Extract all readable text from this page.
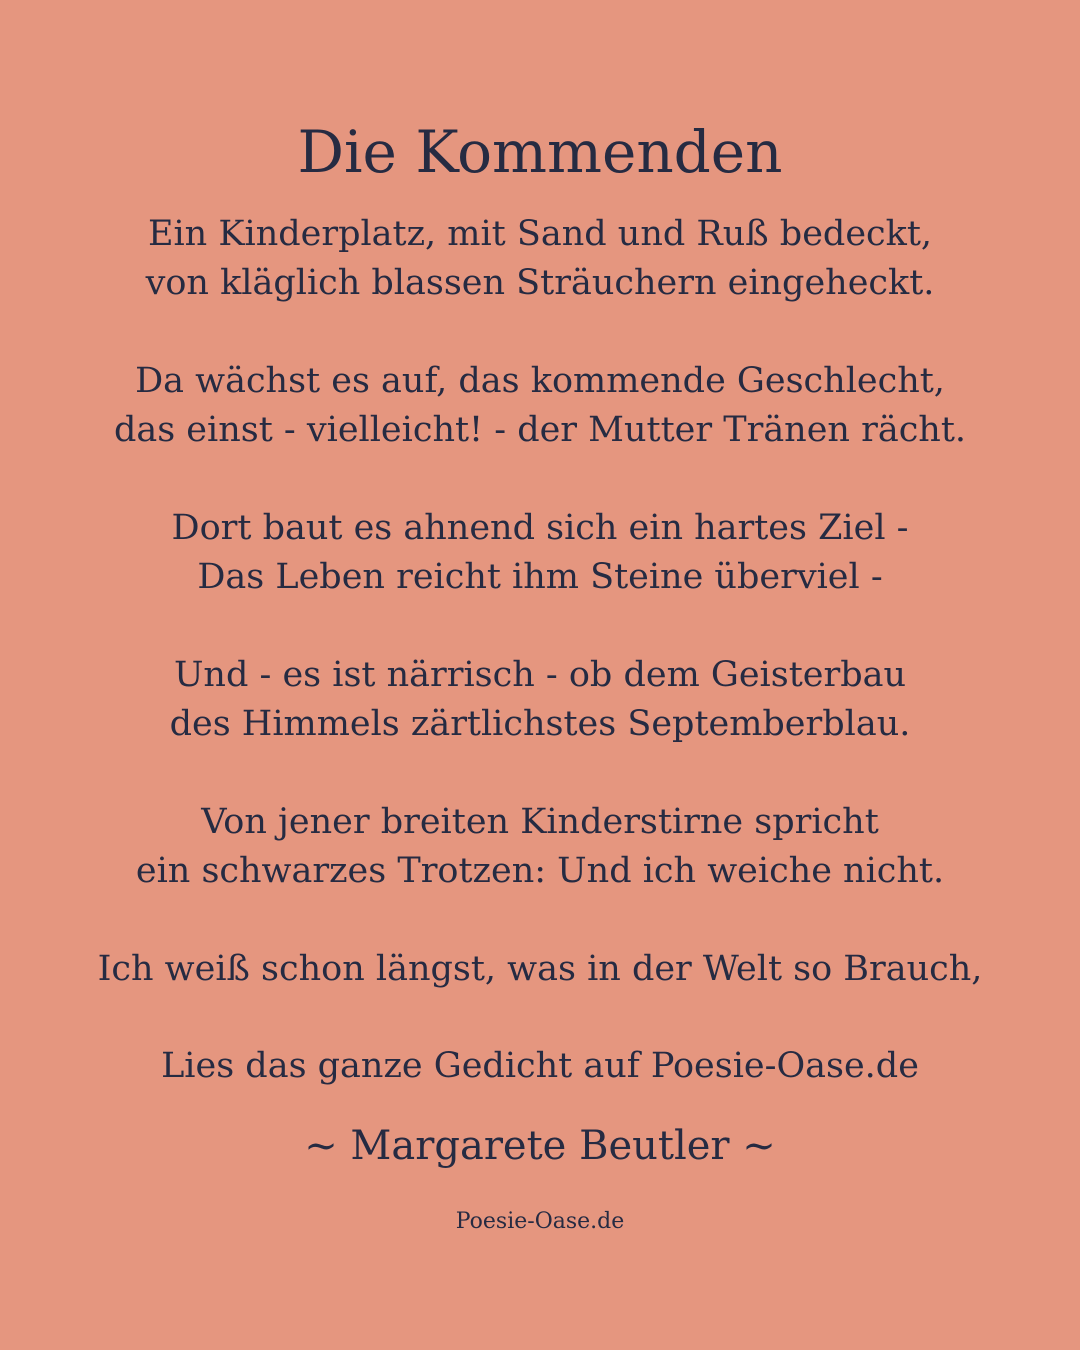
Die Kommenden
Ein Kinderplatz, mit Sand und Ruß bedeckt,
von kläglich blassen Sträuchern eingeheckt.
Da wächst es auf, das kommende Geschlecht,
das einst - vielleicht! - der Mutter Tränen rächt.
Dort baut es ahnend sich ein hartes Ziel -
Das Leben reicht ihm Steine überviel -
Und - es ist närrisch - ob dem Geisterbau
des Himmels zärtlichstes Septemberblau.
Von jener breiten Kinderstirne spricht
ein schwarzes Trotzen: Und ich weiche nicht.
Ich weiß schon längst, was in der Welt so Brauch,
Lies das ganze Gedicht auf Poesie-Oase.de
~ Margarete Beutler ~
Poesie-Oase.de
